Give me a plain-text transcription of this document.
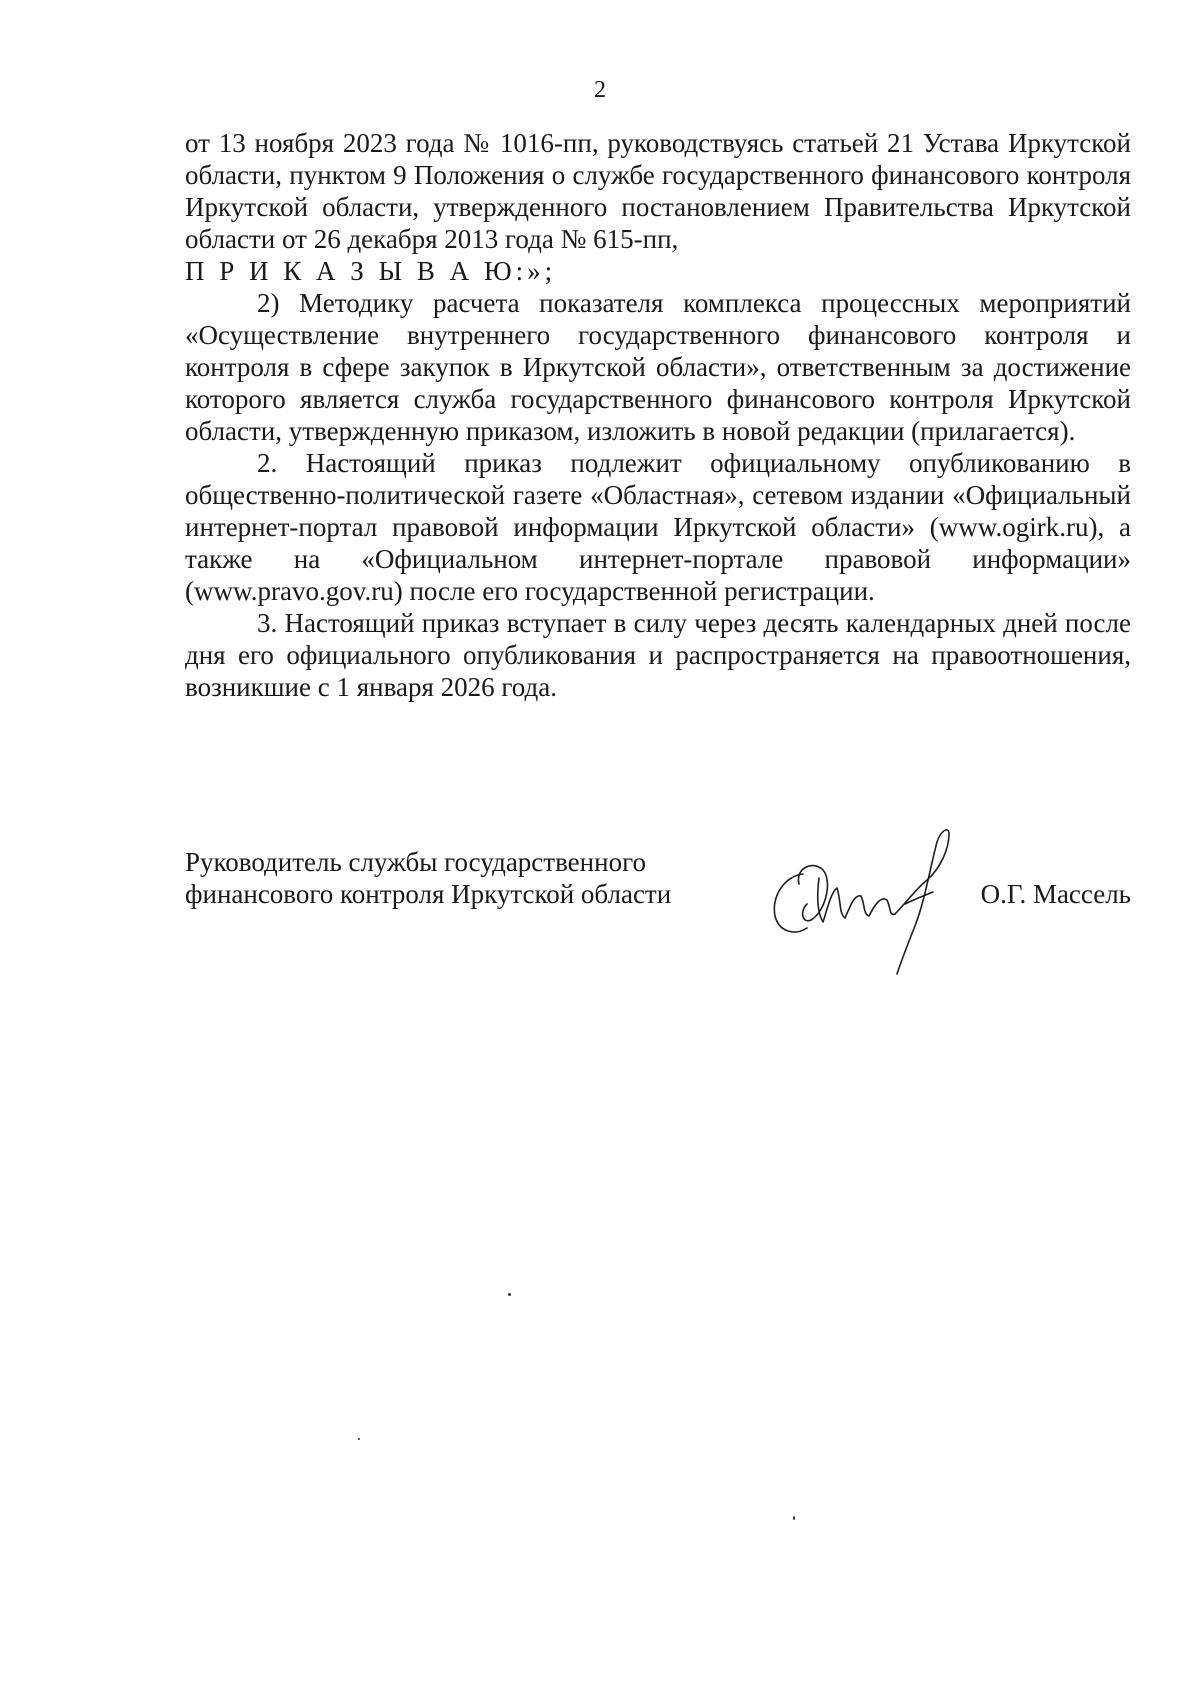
2

от 13 ноября 2023 года № 1016-пп, руководствуясь статьей 21 Устава Иркутской области, пунктом 9 Положения о службе государственного финансового контроля Иркутской области, утвержденного постановлением Правительства Иркутской области от 26 декабря 2013 года № 615-пп,

П Р И К А З Ы В А Ю:»;

2) Методику расчета показателя комплекса процессных мероприятий «Осуществление внутреннего государственного финансового контроля и контроля в сфере закупок в Иркутской области», ответственным за достижение которого является служба государственного финансового контроля Иркутской области, утвержденную приказом, изложить в новой редакции (прилагается).

2. Настоящий приказ подлежит официальному опубликованию в общественно-политической газете «Областная», сетевом издании «Официальный интернет-портал правовой информации Иркутской области» (www.ogirk.ru), а также на «Официальном интернет-портале правовой информации» (www.pravo.gov.ru) после его государственной регистрации.

3. Настоящий приказ вступает в силу через десять календарных дней после дня его официального опубликования и распространяется на правоотношения, возникшие с 1 января 2026 года.

Руководитель службы государственного
финансового контроля Иркутской области	О.Г. Массель
